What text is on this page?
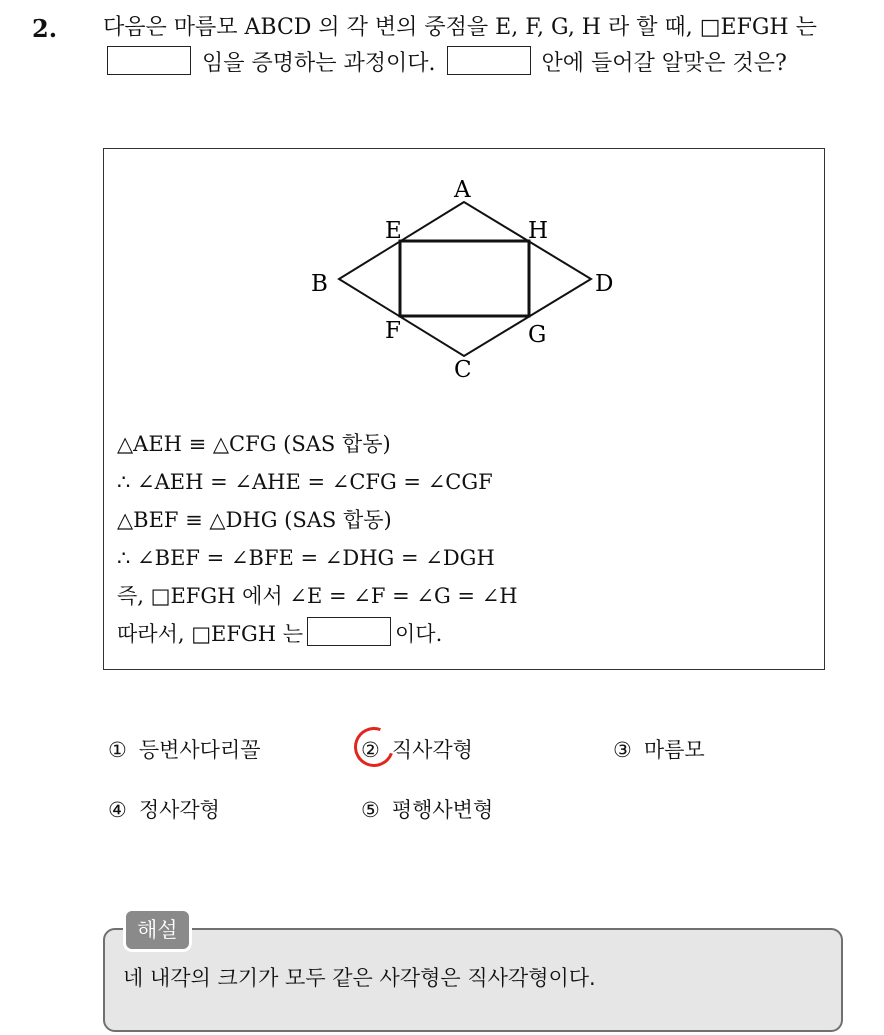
2. 다음은 마름모 ABCD 의 각 변의 중점을 E, F, G, H 라 할 때, □EFGH 는  임을 증명하는 과정이다.	안에 들어갈 알맞은 것은?
A
B
C
D
E
F	G
H
△AEH ≡ △CFG (SAS 합동)
∴ ∠AEH = ∠AHE = ∠CFG = ∠CGF
△BEF ≡ △DHG (SAS 합동)
∴ ∠BEF = ∠BFE = ∠DHG = ∠DGH
즉, □EFGH 에서 ∠E = ∠F = ∠G = ∠H
따라서, □EFGH 는	이다.
① 등변사다리꼴	② 직사각형	③ 마름모
④ 정사각형	⑤ 평행사변형
해설
네 내각의 크기가 모두 같은 사각형은 직사각형이다.
